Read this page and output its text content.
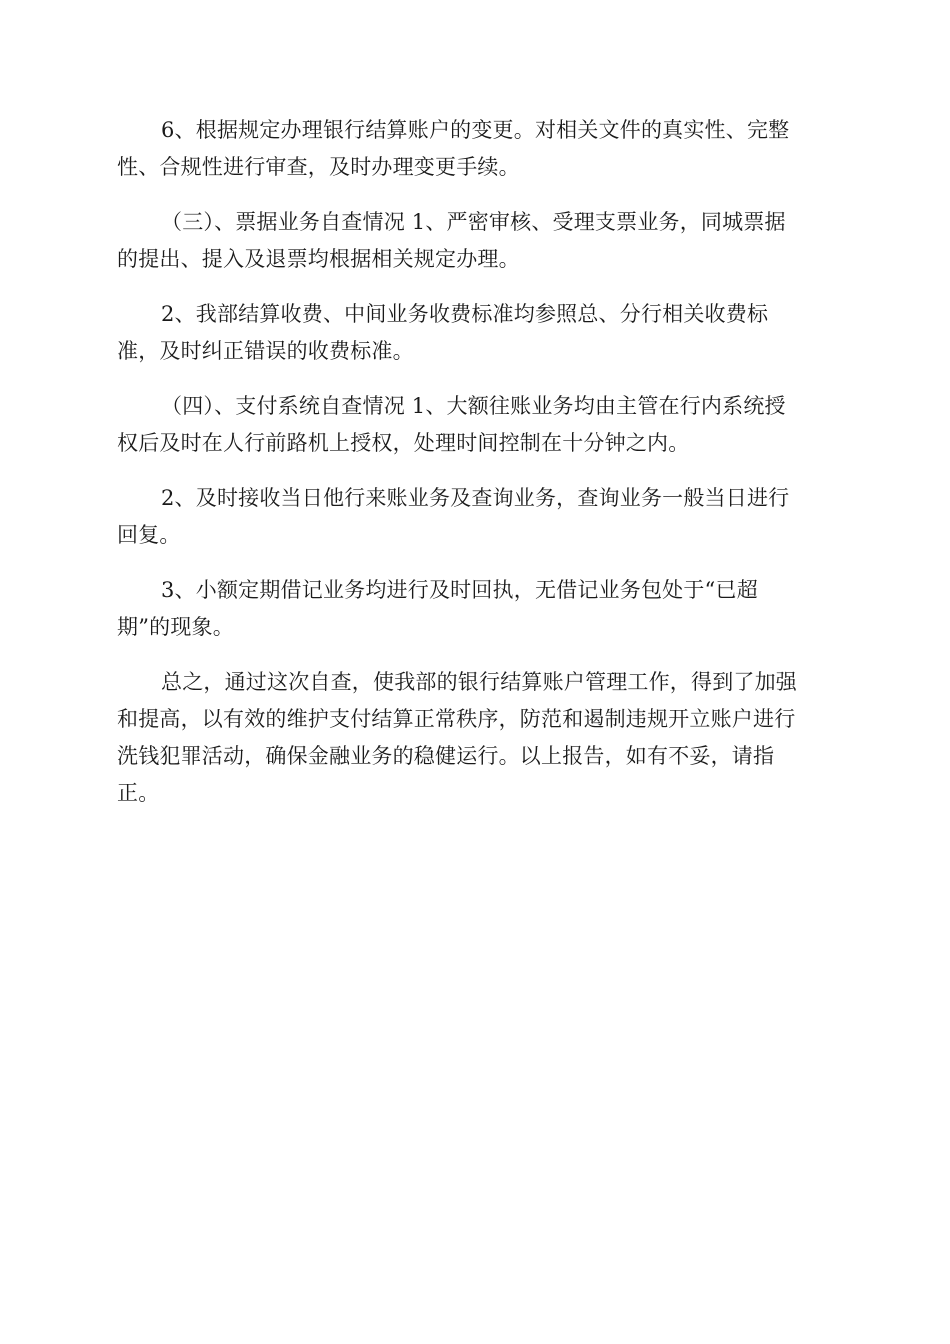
6、根据规定办理银行结算账户的变更。对相关文件的真实性、完整
性、合规性进行审查，及时办理变更手续。

（三）、票据业务自查情况 1、严密审核、受理支票业务，同城票据
的提出、提入及退票均根据相关规定办理。

2、我部结算收费、中间业务收费标准均参照总、分行相关收费标
准，及时纠正错误的收费标准。

（四）、支付系统自查情况 1、大额往账业务均由主管在行内系统授
权后及时在人行前路机上授权，处理时间控制在十分钟之内。

2、及时接收当日他行来账业务及查询业务，查询业务一般当日进行
回复。

3、小额定期借记业务均进行及时回执，无借记业务包处于“已超
期”的现象。

总之，通过这次自查，使我部的银行结算账户管理工作，得到了加强
和提高，以有效的维护支付结算正常秩序，防范和遏制违规开立账户进行
洗钱犯罪活动，确保金融业务的稳健运行。以上报告，如有不妥，请指
正。
